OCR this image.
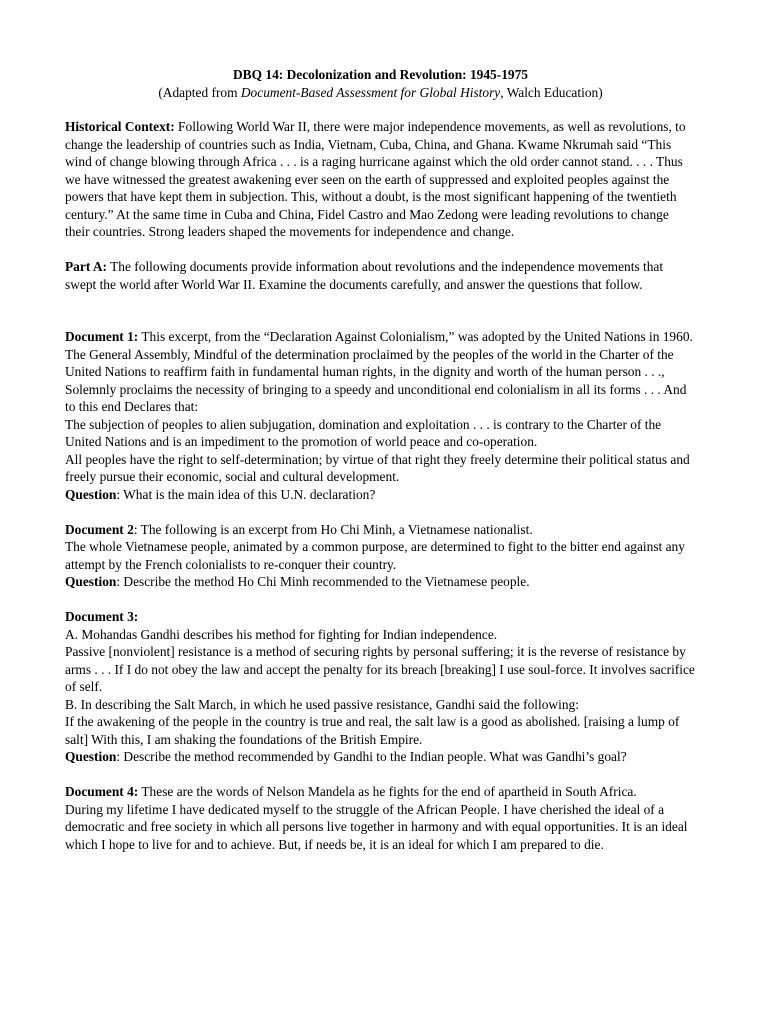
DBQ 14: Decolonization and Revolution: 1945-1975

(Adapted from Document-Based Assessment for Global History, Walch Education)

Historical Context: Following World War II, there were major independence movements, as well as revolutions, to change the leadership of countries such as India, Vietnam, Cuba, China, and Ghana. Kwame Nkrumah said “This wind of change blowing through Africa . . . is a raging hurricane against which the old order cannot stand. . . . Thus we have witnessed the greatest awakening ever seen on the earth of suppressed and exploited peoples against the powers that have kept them in subjection. This, without a doubt, is the most significant happening of the twentieth century.” At the same time in Cuba and China, Fidel Castro and Mao Zedong were leading revolutions to change their countries. Strong leaders shaped the movements for independence and change.

Part A: The following documents provide information about revolutions and the independence movements that swept the world after World War II. Examine the documents carefully, and answer the questions that follow.

Document 1: This excerpt, from the “Declaration Against Colonialism,” was adopted by the United Nations in 1960.

The General Assembly, Mindful of the determination proclaimed by the peoples of the world in the Charter of the United Nations to reaffirm faith in fundamental human rights, in the dignity and worth of the human person . . ., Solemnly proclaims the necessity of bringing to a speedy and unconditional end colonialism in all its forms . . . And to this end Declares that:

The subjection of peoples to alien subjugation, domination and exploitation . . . is contrary to the Charter of the United Nations and is an impediment to the promotion of world peace and co-operation.

All peoples have the right to self-determination; by virtue of that right they freely determine their political status and freely pursue their economic, social and cultural development.

Question: What is the main idea of this U.N. declaration?

Document 2: The following is an excerpt from Ho Chi Minh, a Vietnamese nationalist.

The whole Vietnamese people, animated by a common purpose, are determined to fight to the bitter end against any attempt by the French colonialists to re-conquer their country.

Question: Describe the method Ho Chi Minh recommended to the Vietnamese people.

Document 3:

A. Mohandas Gandhi describes his method for fighting for Indian independence.

Passive [nonviolent] resistance is a method of securing rights by personal suffering; it is the reverse of resistance by arms . . . If I do not obey the law and accept the penalty for its breach [breaking] I use soul-force. It involves sacrifice of self.

B. In describing the Salt March, in which he used passive resistance, Gandhi said the following:

If the awakening of the people in the country is true and real, the salt law is a good as abolished. [raising a lump of salt] With this, I am shaking the foundations of the British Empire.

Question: Describe the method recommended by Gandhi to the Indian people. What was Gandhi’s goal?

Document 4: These are the words of Nelson Mandela as he fights for the end of apartheid in South Africa.

During my lifetime I have dedicated myself to the struggle of the African People. I have cherished the ideal of a democratic and free society in which all persons live together in harmony and with equal opportunities. It is an ideal which I hope to live for and to achieve. But, if needs be, it is an ideal for which I am prepared to die.
